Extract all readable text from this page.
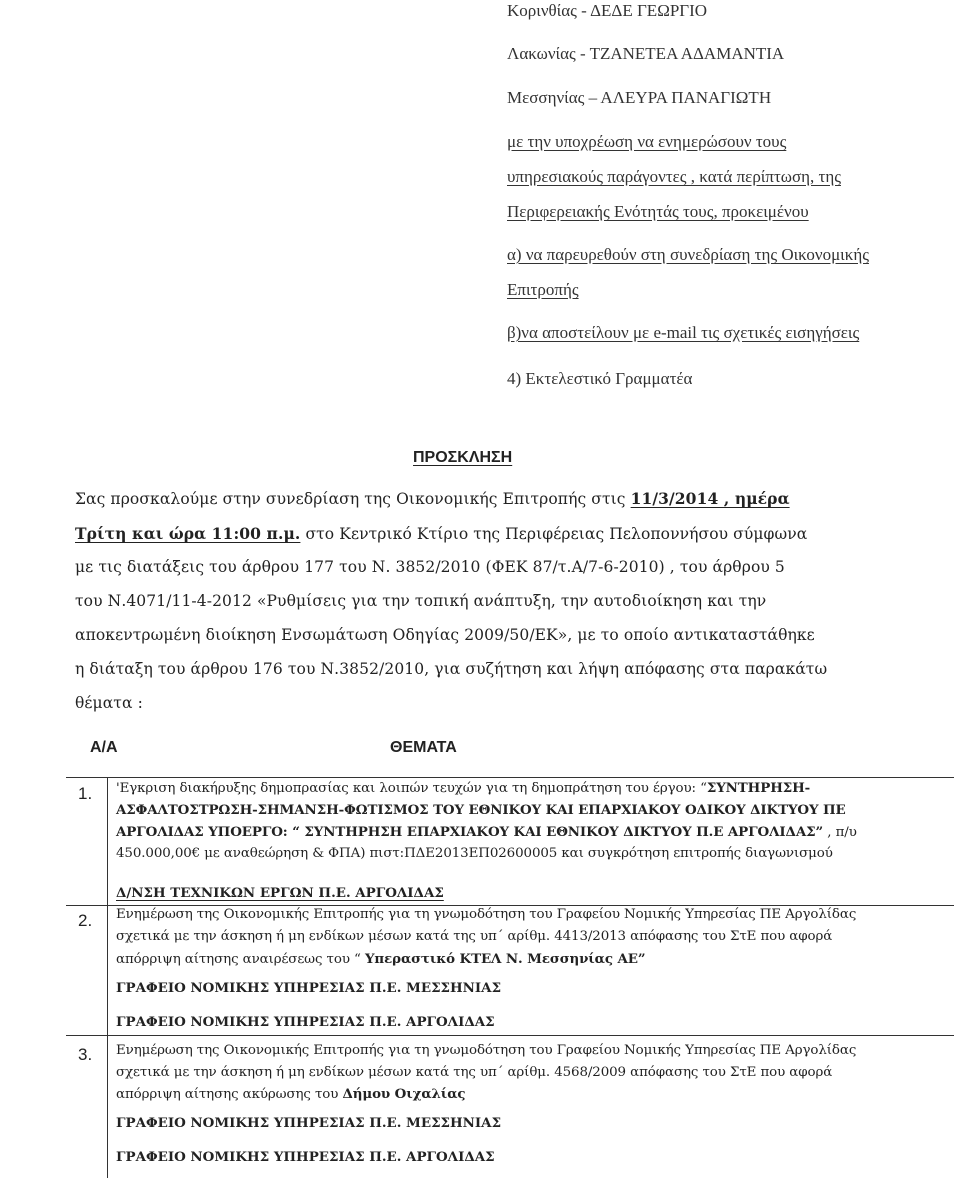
Κορινθίας - ΔΕΔΕ ΓΕΩΡΓΙΟ
Λακωνίας - ΤΖΑΝΕΤΕΑ ΑΔΑΜΑΝΤΙΑ
Μεσσηνίας – ΑΛΕΥΡΑ ΠΑΝΑΓΙΩΤΗ
με την υποχρέωση να ενημερώσουν τους
υπηρεσιακούς παράγοντες , κατά περίπτωση, της
Περιφερειακής Ενότητάς τους, προκειμένου
α) να παρευρεθούν στη συνεδρίαση της Οικονομικής
Επιτροπής
β)να αποστείλουν με e-mail τις σχετικές εισηγήσεις
4) Εκτελεστικό Γραμματέα
ΠΡΟΣΚΛΗΣΗ
Σας προσκαλούμε στην συνεδρίαση της Οικονομικής Επιτροπής στις 11/3/2014 , ημέρα
Τρίτη και ώρα 11:00 π.μ. στο Κεντρικό Κτίριο της Περιφέρειας Πελοποννήσου σύμφωνα
με τις διατάξεις του άρθρου 177 του Ν. 3852/2010 (ΦΕΚ 87/τ.Α/7-6-2010) , του άρθρου 5
του Ν.4071/11-4-2012 «Ρυθμίσεις για την τοπική ανάπτυξη, την αυτοδιοίκηση και την
αποκεντρωμένη διοίκηση Ενσωμάτωση Οδηγίας 2009/50/ΕΚ», με το οποίο αντικαταστάθηκε
η διάταξη του άρθρου 176 του Ν.3852/2010, για συζήτηση και λήψη απόφασης στα παρακάτω
θέματα :
Α/Α	ΘΕΜΑΤΑ
1. 'Εγκριση διακήρυξης δημοπρασίας και λοιπών τευχών για τη δημοπράτηση του έργου: “ΣΥΝΤΗΡΗΣΗ-
ΑΣΦΑΛΤΟΣΤΡΩΣΗ-ΣΗΜΑΝΣΗ-ΦΩΤΙΣΜΟΣ ΤΟΥ ΕΘΝΙΚΟΥ ΚΑΙ ΕΠΑΡΧΙΑΚΟΥ ΟΔΙΚΟΥ ΔΙΚΤΥΟΥ ΠΕ
ΑΡΓΟΛΙΔΑΣ ΥΠΟΕΡΓΟ: “ ΣΥΝΤΗΡΗΣΗ ΕΠΑΡΧΙΑΚΟΥ ΚΑΙ ΕΘΝΙΚΟΥ ΔΙΚΤΥΟΥ Π.Ε ΑΡΓΟΛΙΔΑΣ” , π/υ
450.000,00€ με αναθεώρηση & ΦΠΑ) πιστ:ΠΔΕ2013ΕΠ02600005 και συγκρότηση επιτροπής διαγωνισμού
Δ/ΝΣΗ ΤΕΧΝΙΚΩΝ ΕΡΓΩΝ Π.Ε. ΑΡΓΟΛΙΔΑΣ
2. Ενημέρωση της Οικονομικής Επιτροπής για τη γνωμοδότηση του Γραφείου Νομικής Υπηρεσίας ΠΕ Αργολίδας
σχετικά με την άσκηση ή μη ενδίκων μέσων κατά της υπ΄ αρίθμ. 4413/2013 απόφασης του ΣτΕ που αφορά
απόρριψη αίτησης αναιρέσεως του “ Υπεραστικό ΚΤΕΛ Ν. Μεσσηνίας ΑΕ”
ΓΡΑΦΕΙΟ ΝΟΜΙΚΗΣ ΥΠΗΡΕΣΙΑΣ Π.Ε. ΜΕΣΣΗΝΙΑΣ
ΓΡΑΦΕΙΟ ΝΟΜΙΚΗΣ ΥΠΗΡΕΣΙΑΣ Π.Ε. ΑΡΓΟΛΙΔΑΣ
3. Ενημέρωση της Οικονομικής Επιτροπής για τη γνωμοδότηση του Γραφείου Νομικής Υπηρεσίας ΠΕ Αργολίδας
σχετικά με την άσκηση ή μη ενδίκων μέσων κατά της υπ΄ αρίθμ. 4568/2009 απόφασης του ΣτΕ που αφορά
απόρριψη αίτησης ακύρωσης του Δήμου Οιχαλίας
ΓΡΑΦΕΙΟ ΝΟΜΙΚΗΣ ΥΠΗΡΕΣΙΑΣ Π.Ε. ΜΕΣΣΗΝΙΑΣ
ΓΡΑΦΕΙΟ ΝΟΜΙΚΗΣ ΥΠΗΡΕΣΙΑΣ Π.Ε. ΑΡΓΟΛΙΔΑΣ
